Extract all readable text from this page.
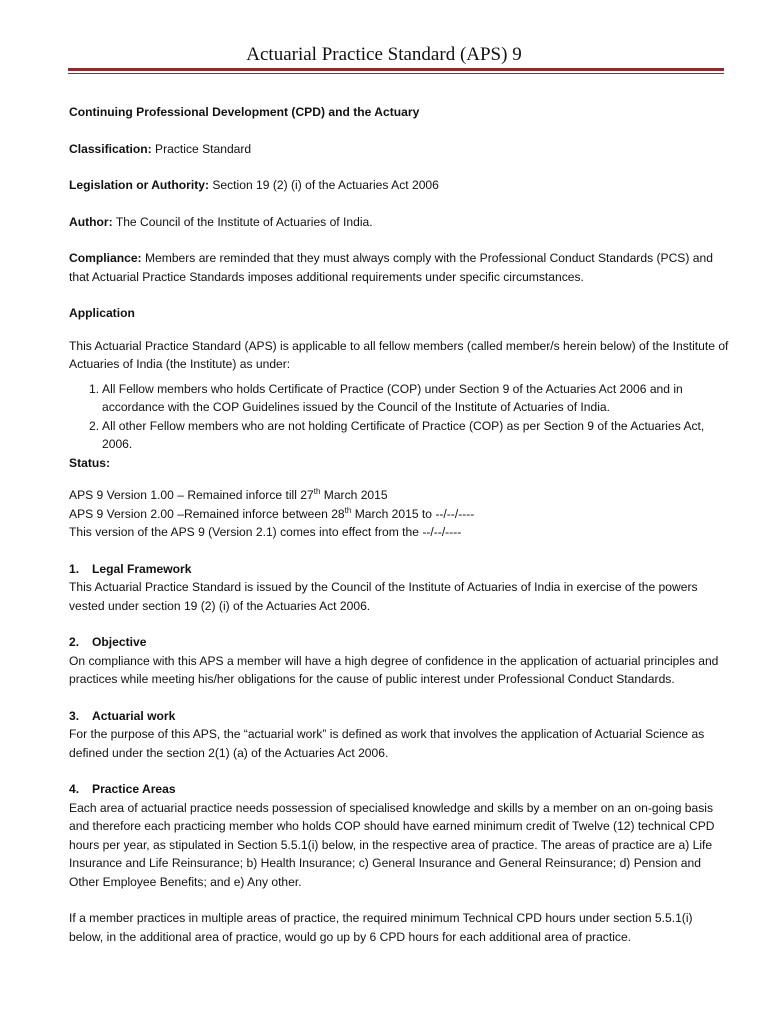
Actuarial Practice Standard (APS) 9

Continuing Professional Development (CPD) and the Actuary

Classification: Practice Standard

Legislation or Authority: Section 19 (2) (i) of the Actuaries Act 2006

Author: The Council of the Institute of Actuaries of India.

Compliance: Members are reminded that they must always comply with the Professional Conduct Standards (PCS) and that Actuarial Practice Standards imposes additional requirements under specific circumstances.

Application

This Actuarial Practice Standard (APS) is applicable to all fellow members (called member/s herein below) of the Institute of Actuaries of India (the Institute) as under:

1. All Fellow members who holds Certificate of Practice (COP) under Section 9 of the Actuaries Act 2006 and in accordance with the COP Guidelines issued by the Council of the Institute of Actuaries of India.
2. All other Fellow members who are not holding Certificate of Practice (COP) as per Section 9 of the Actuaries Act, 2006.

Status:

APS 9 Version 1.00 – Remained inforce till 27th March 2015

APS 9 Version 2.00 –Remained inforce between 28th March 2015 to --/--/----

This version of the APS 9 (Version 2.1) comes into effect from the --/--/----

1. Legal Framework

This Actuarial Practice Standard is issued by the Council of the Institute of Actuaries of India in exercise of the powers vested under section 19 (2) (i) of the Actuaries Act 2006.

2. Objective

On compliance with this APS a member will have a high degree of confidence in the application of actuarial principles and practices while meeting his/her obligations for the cause of public interest under Professional Conduct Standards.

3. Actuarial work

For the purpose of this APS, the “actuarial work” is defined as work that involves the application of Actuarial Science as defined under the section 2(1) (a) of the Actuaries Act 2006.

4. Practice Areas

Each area of actuarial practice needs possession of specialised knowledge and skills by a member on an on-going basis and therefore each practicing member who holds COP should have earned minimum credit of Twelve (12) technical CPD hours per year, as stipulated in Section 5.5.1(i) below, in the respective area of practice. The areas of practice are a) Life Insurance and Life Reinsurance; b) Health Insurance; c) General Insurance and General Reinsurance; d) Pension and Other Employee Benefits; and e) Any other.

If a member practices in multiple areas of practice, the required minimum Technical CPD hours under section 5.5.1(i) below, in the additional area of practice, would go up by 6 CPD hours for each additional area of practice.
